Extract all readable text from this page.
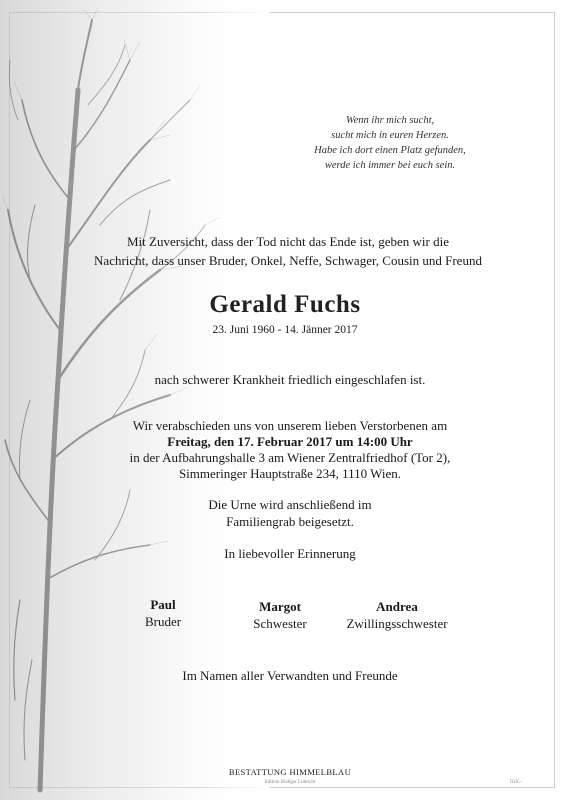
Wenn ihr mich sucht,
sucht mich in euren Herzen.
Habe ich dort einen Platz gefunden,
werde ich immer bei euch sein.
Mit Zuversicht, dass der Tod nicht das Ende ist, geben wir die
Nachricht, dass unser Bruder, Onkel, Neffe, Schwager, Cousin und Freund
Gerald Fuchs
23. Juni 1960 - 14. Jänner 2017
nach schwerer Krankheit friedlich eingeschlafen ist.
Wir verabschieden uns von unserem lieben Verstorbenen am
Freitag, den 17. Februar 2017 um 14:00 Uhr
in der Aufbahrungshalle 3 am Wiener Zentralfriedhof (Tor 2),
Simmeringer Hauptstraße 234, 1110 Wien.
Die Urne wird anschließend im
Familiengrab beigesetzt.
In liebevoller Erinnerung
Paul
Bruder
Margot
Schwester
Andrea
Zwillingsschwester
Im Namen aller Verwandten und Freunde
BESTATTUNG HIMMELBLAU
Edition Rüdiger Lubricht	BHG-
